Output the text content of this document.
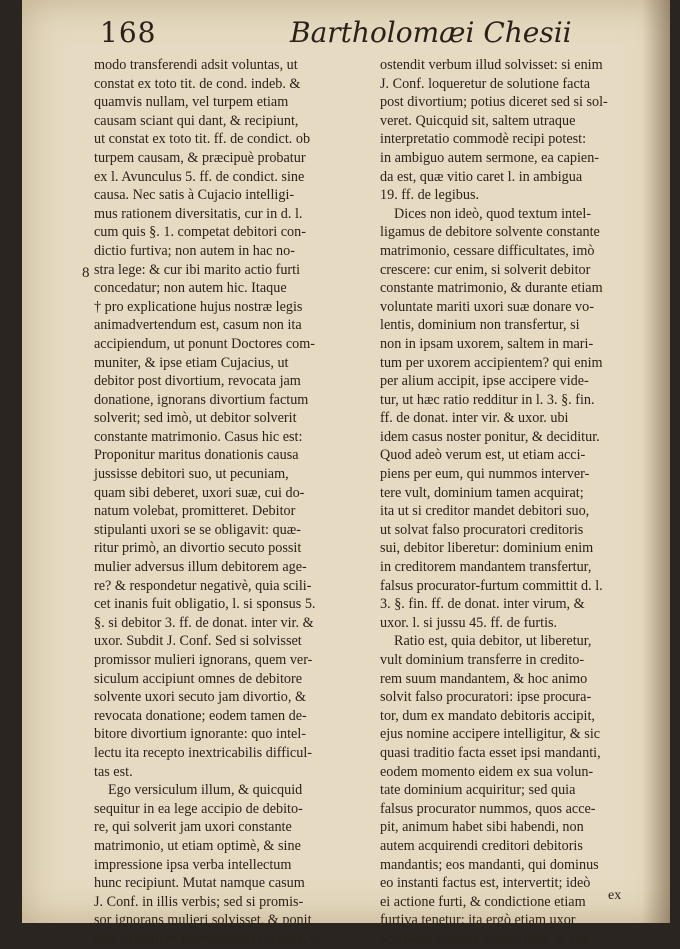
168	Bartholomæi Chesii
8
modo transferendi adsit voluntas, ut
constat ex toto tit. de cond. indeb. &
quamvis nullam, vel turpem etiam
causam sciant qui dant, & recipiunt,
ut constat ex toto tit. ff. de condict. ob
turpem causam, & præcipuè probatur
ex l. Avunculus 5. ff. de condict. sine
causa. Nec satis à Cujacio intelligi-
mus rationem diversitatis, cur in d. l.
cum quis §. 1. competat debitori con-
dictio furtiva; non autem in hac no-
stra lege: & cur ibi marito actio furti
concedatur; non autem hic. Itaque
† pro explicatione hujus nostræ legis
animadvertendum est, casum non ita
accipiendum, ut ponunt Doctores com-
muniter, & ipse etiam Cujacius, ut
debitor post divortium, revocata jam
donatione, ignorans divortium factum
solverit; sed imò, ut debitor solverit
constante matrimonio. Casus hic est:
Proponitur maritus donationis causa
jussisse debitori suo, ut pecuniam,
quam sibi deberet, uxori suæ, cui do-
natum volebat, promitteret. Debitor
stipulanti uxori se se obligavit: quæ-
ritur primò, an divortio secuto possit
mulier adversus illum debitorem age-
re? & respondetur negativè, quia scili-
cet inanis fuit obligatio, l. si sponsus 5.
§. si debitor 3. ff. de donat. inter vir. &
uxor. Subdit J. Conf. Sed si solvisset
promissor mulieri ignorans, quem ver-
siculum accipiunt omnes de debitore
solvente uxori secuto jam divortio, &
revocata donatione; eodem tamen de-
bitore divortium ignorante: quo intel-
lectu ita recepto inextricabilis difficul-
tas est.
Ego versiculum illum, & quicquid
sequitur in ea lege accipio de debito-
re, qui solverit jam uxori constante
matrimonio, ut etiam optimè, & sine
impressione ipsa verba intellectum
hunc recipiunt. Mutat namque casum
J. Conf. in illis verbis; sed si promis-
sor ignorans mulieri solvisset, & ponit
ante divortium promissorem solvisse, ut
ostendit verbum illud solvisset: si enim
J. Conf. loqueretur de solutione facta
post divortium; potius diceret sed si sol-
veret. Quicquid sit, saltem utraque
interpretatio commodè recipi potest:
in ambiguo autem sermone, ea capien-
da est, quæ vitio caret l. in ambigua
19. ff. de legibus.
Dices non ideò, quod textum intel-
ligamus de debitore solvente constante
matrimonio, cessare difficultates, imò
crescere: cur enim, si solverit debitor
constante matrimonio, & durante etiam
voluntate mariti uxori suæ donare vo-
lentis, dominium non transfertur, si
non in ipsam uxorem, saltem in mari-
tum per uxorem accipientem? qui enim
per alium accipit, ipse accipere vide-
tur, ut hæc ratio redditur in l. 3. §. fin.
ff. de donat. inter vir. & uxor. ubi
idem casus noster ponitur, & deciditur.
Quod adeò verum est, ut etiam acci-
piens per eum, qui nummos interver-
tere vult, dominium tamen acquirat;
ita ut si creditor mandet debitori suo,
ut solvat falso procuratori creditoris
sui, debitor liberetur: dominium enim
in creditorem mandantem transfertur,
falsus procurator-furtum committit d. l.
3. §. fin. ff. de donat. inter virum, &
uxor. l. si jussu 45. ff. de furtis.
Ratio est, quia debitor, ut liberetur,
vult dominium transferre in credito-
rem suum mandantem, & hoc animo
solvit falso procuratori: ipse procura-
tor, dum ex mandato debitoris accipit,
ejus nomine accipere intelligitur, & sic
quasi traditio facta esset ipsi mandanti,
eodem momento eidem ex sua volun-
tate dominium acquiritur; sed quia
falsus procurator nummos, quos acce-
pit, animum habet sibi habendi, non
autem acquirendi creditori debitoris
mandantis; eos mandanti, qui dominus
eo instanti factus est, intervertit; ideò
ei actione furti, & condictione etiam
furtiva tenetur: ita ergò etiam uxor
accipiens nomine mariti, licet, ut sibi
ex
